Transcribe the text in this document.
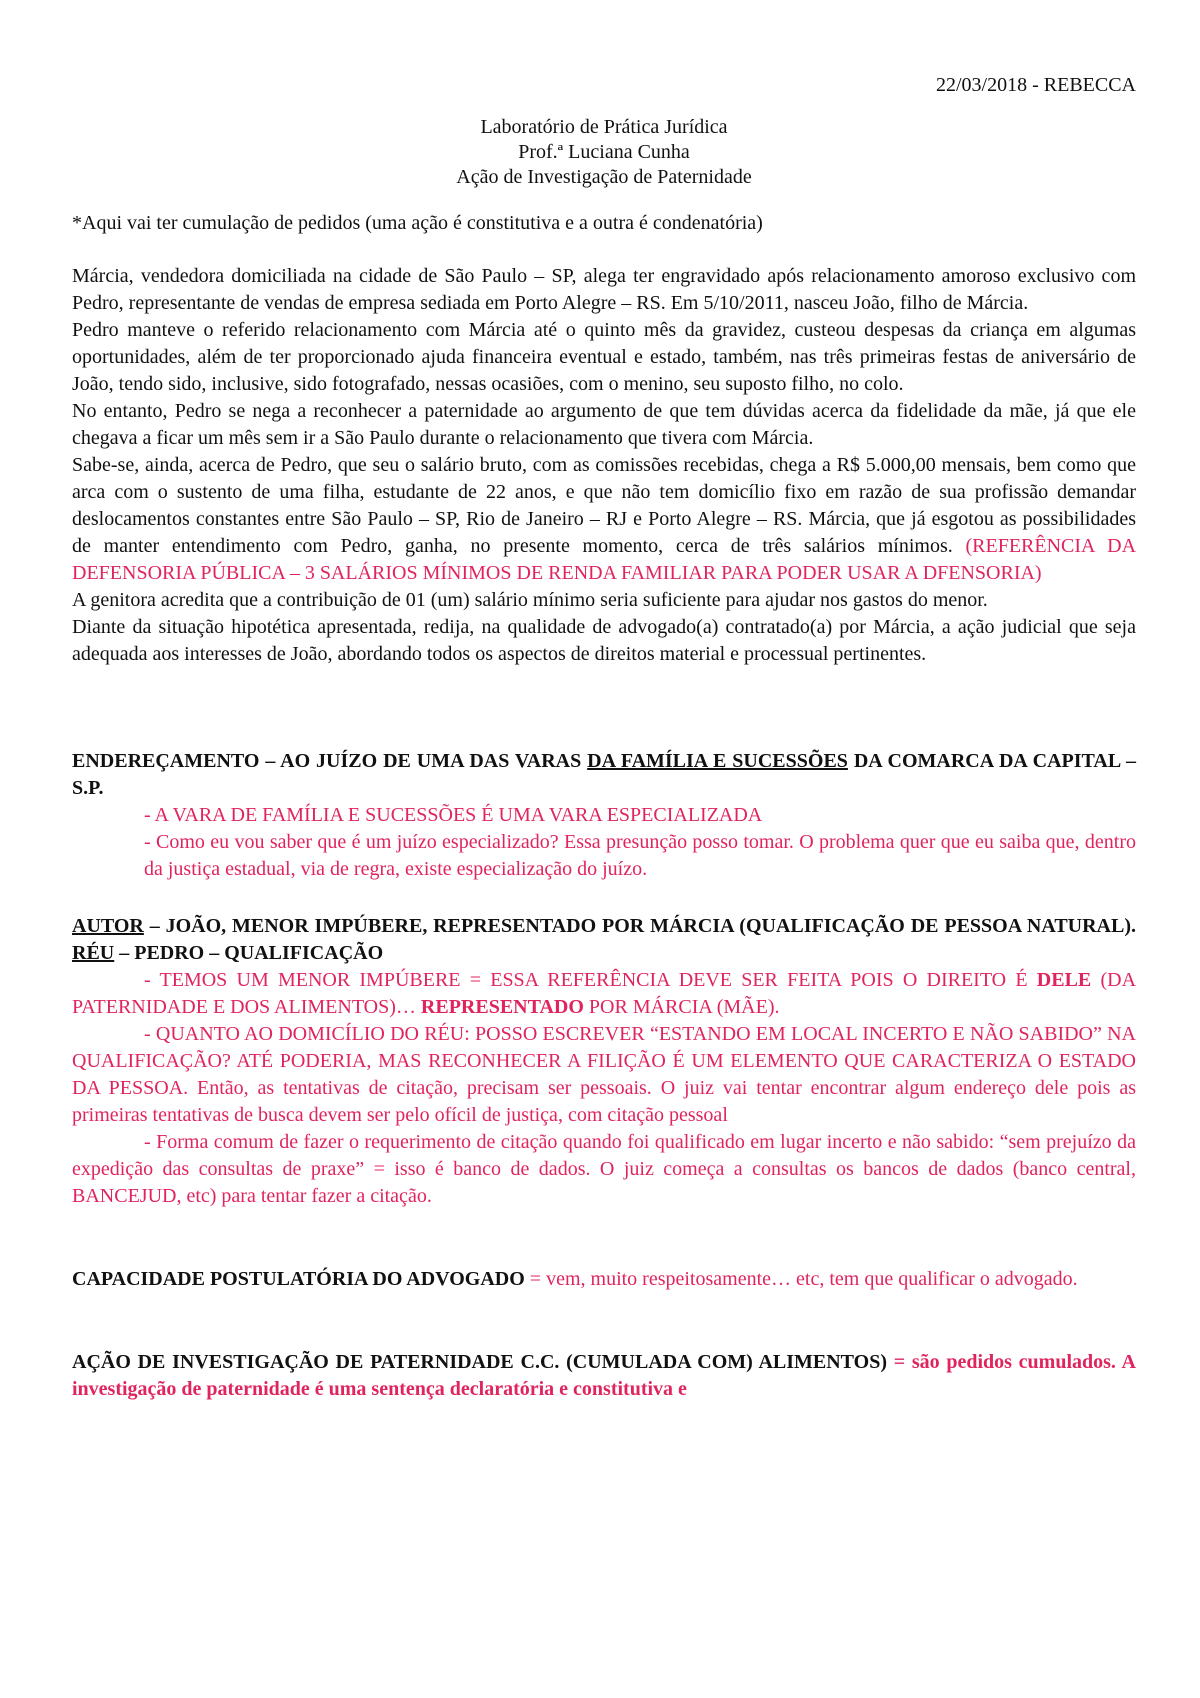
22/03/2018 - REBECCA
Laboratório de Prática Jurídica
Prof.ª Luciana Cunha
Ação de Investigação de Paternidade

*Aqui vai ter cumulação de pedidos (uma ação é constitutiva e a outra é condenatória)

Márcia, vendedora domiciliada na cidade de São Paulo – SP, alega ter engravidado após relacionamento amoroso exclusivo com Pedro, representante de vendas de empresa sediada em Porto Alegre – RS. Em 5/10/2011, nasceu João, filho de Márcia.

Pedro manteve o referido relacionamento com Márcia até o quinto mês da gravidez, custeou despesas da criança em algumas oportunidades, além de ter proporcionado ajuda financeira eventual e estado, também, nas três primeiras festas de aniversário de João, tendo sido, inclusive, sido fotografado, nessas ocasiões, com o menino, seu suposto filho, no colo.

No entanto, Pedro se nega a reconhecer a paternidade ao argumento de que tem dúvidas acerca da fidelidade da mãe, já que ele chegava a ficar um mês sem ir a São Paulo durante o relacionamento que tivera com Márcia.

Sabe-se, ainda, acerca de Pedro, que seu o salário bruto, com as comissões recebidas, chega a R$ 5.000,00 mensais, bem como que arca com o sustento de uma filha, estudante de 22 anos, e que não tem domicílio fixo em razão de sua profissão demandar deslocamentos constantes entre São Paulo – SP, Rio de Janeiro – RJ e Porto Alegre – RS. Márcia, que já esgotou as possibilidades de manter entendimento com Pedro, ganha, no presente momento, cerca de três salários mínimos. (REFERÊNCIA DA DEFENSORIA PÚBLICA – 3 SALÁRIOS MÍNIMOS DE RENDA FAMILIAR PARA PODER USAR A DFENSORIA)

A genitora acredita que a contribuição de 01 (um) salário mínimo seria suficiente para ajudar nos gastos do menor.

Diante da situação hipotética apresentada, redija, na qualidade de advogado(a) contratado(a) por Márcia, a ação judicial que seja adequada aos interesses de João, abordando todos os aspectos de direitos material e processual pertinentes.

ENDEREÇAMENTO – AO JUÍZO DE UMA DAS VARAS DA FAMÍLIA E SUCESSÕES DA COMARCA DA CAPITAL – S.P.

- A VARA DE FAMÍLIA E SUCESSÕES É UMA VARA ESPECIALIZADA

- Como eu vou saber que é um juízo especializado? Essa presunção posso tomar. O problema quer que eu saiba que, dentro da justiça estadual, via de regra, existe especialização do juízo.

AUTOR – JOÃO, MENOR IMPÚBERE, REPRESENTADO POR MÁRCIA (QUALIFICAÇÃO DE PESSOA NATURAL). RÉU – PEDRO – QUALIFICAÇÃO

- TEMOS UM MENOR IMPÚBERE = ESSA REFERÊNCIA DEVE SER FEITA POIS O DIREITO É DELE (DA PATERNIDADE E DOS ALIMENTOS)… REPRESENTADO POR MÁRCIA (MÃE).

- QUANTO AO DOMICÍLIO DO RÉU: POSSO ESCREVER “ESTANDO EM LOCAL INCERTO E NÃO SABIDO” NA QUALIFICAÇÃO? ATÉ PODERIA, MAS RECONHECER A FILIÇÃO É UM ELEMENTO QUE CARACTERIZA O ESTADO DA PESSOA. Então, as tentativas de citação, precisam ser pessoais. O juiz vai tentar encontrar algum endereço dele pois as primeiras tentativas de busca devem ser pelo ofícil de justiça, com citação pessoal

- Forma comum de fazer o requerimento de citação quando foi qualificado em lugar incerto e não sabido: “sem prejuízo da expedição das consultas de praxe” = isso é banco de dados. O juiz começa a consultas os bancos de dados (banco central, BANCEJUD, etc) para tentar fazer a citação.

CAPACIDADE POSTULATÓRIA DO ADVOGADO = vem, muito respeitosamente… etc, tem que qualificar o advogado.

AÇÃO DE INVESTIGAÇÃO DE PATERNIDADE C.C. (CUMULADA COM) ALIMENTOS) = são pedidos cumulados. A investigação de paternidade é uma sentença declaratória e constitutiva e
